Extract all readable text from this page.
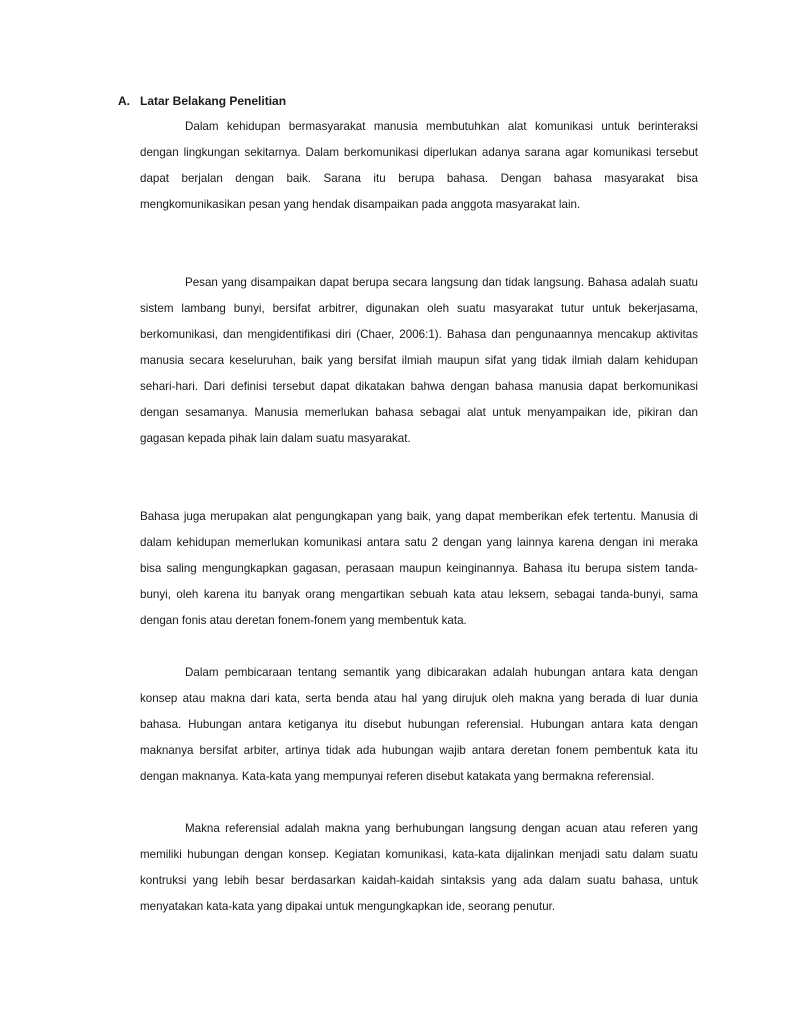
A. Latar Belakang Penelitian

Dalam kehidupan bermasyarakat manusia membutuhkan alat komunikasi untuk berinteraksi dengan lingkungan sekitarnya. Dalam berkomunikasi diperlukan adanya sarana agar komunikasi tersebut dapat berjalan dengan baik. Sarana itu berupa bahasa. Dengan bahasa masyarakat bisa mengkomunikasikan pesan yang hendak disampaikan pada anggota masyarakat lain.

Pesan yang disampaikan dapat berupa secara langsung dan tidak langsung. Bahasa adalah suatu sistem lambang bunyi, bersifat arbitrer, digunakan oleh suatu masyarakat tutur untuk bekerjasama, berkomunikasi, dan mengidentifikasi diri (Chaer, 2006:1). Bahasa dan pengunaannya mencakup aktivitas manusia secara keseluruhan, baik yang bersifat ilmiah maupun sifat yang tidak ilmiah dalam kehidupan sehari-hari. Dari definisi tersebut dapat dikatakan bahwa dengan bahasa manusia dapat berkomunikasi dengan sesamanya. Manusia memerlukan bahasa sebagai alat untuk menyampaikan ide, pikiran dan gagasan kepada pihak lain dalam suatu masyarakat.

Bahasa juga merupakan alat pengungkapan yang baik, yang dapat memberikan efek tertentu. Manusia di dalam kehidupan memerlukan komunikasi antara satu 2 dengan yang lainnya karena dengan ini meraka bisa saling mengungkapkan gagasan, perasaan maupun keinginannya. Bahasa itu berupa sistem tanda-bunyi, oleh karena itu banyak orang mengartikan sebuah kata atau leksem, sebagai tanda-bunyi, sama dengan fonis atau deretan fonem-fonem yang membentuk kata.

Dalam pembicaraan tentang semantik yang dibicarakan adalah hubungan antara kata dengan konsep atau makna dari kata, serta benda atau hal yang dirujuk oleh makna yang berada di luar dunia bahasa. Hubungan antara ketiganya itu disebut hubungan referensial. Hubungan antara kata dengan maknanya bersifat arbiter, artinya tidak ada hubungan wajib antara deretan fonem pembentuk kata itu dengan maknanya. Kata-kata yang mempunyai referen disebut katakata yang bermakna referensial.

Makna referensial adalah makna yang berhubungan langsung dengan acuan atau referen yang memiliki hubungan dengan konsep. Kegiatan komunikasi, kata-kata dijalinkan menjadi satu dalam suatu kontruksi yang lebih besar berdasarkan kaidah-kaidah sintaksis yang ada dalam suatu bahasa, untuk menyatakan kata-kata yang dipakai untuk mengungkapkan ide, seorang penutur.
